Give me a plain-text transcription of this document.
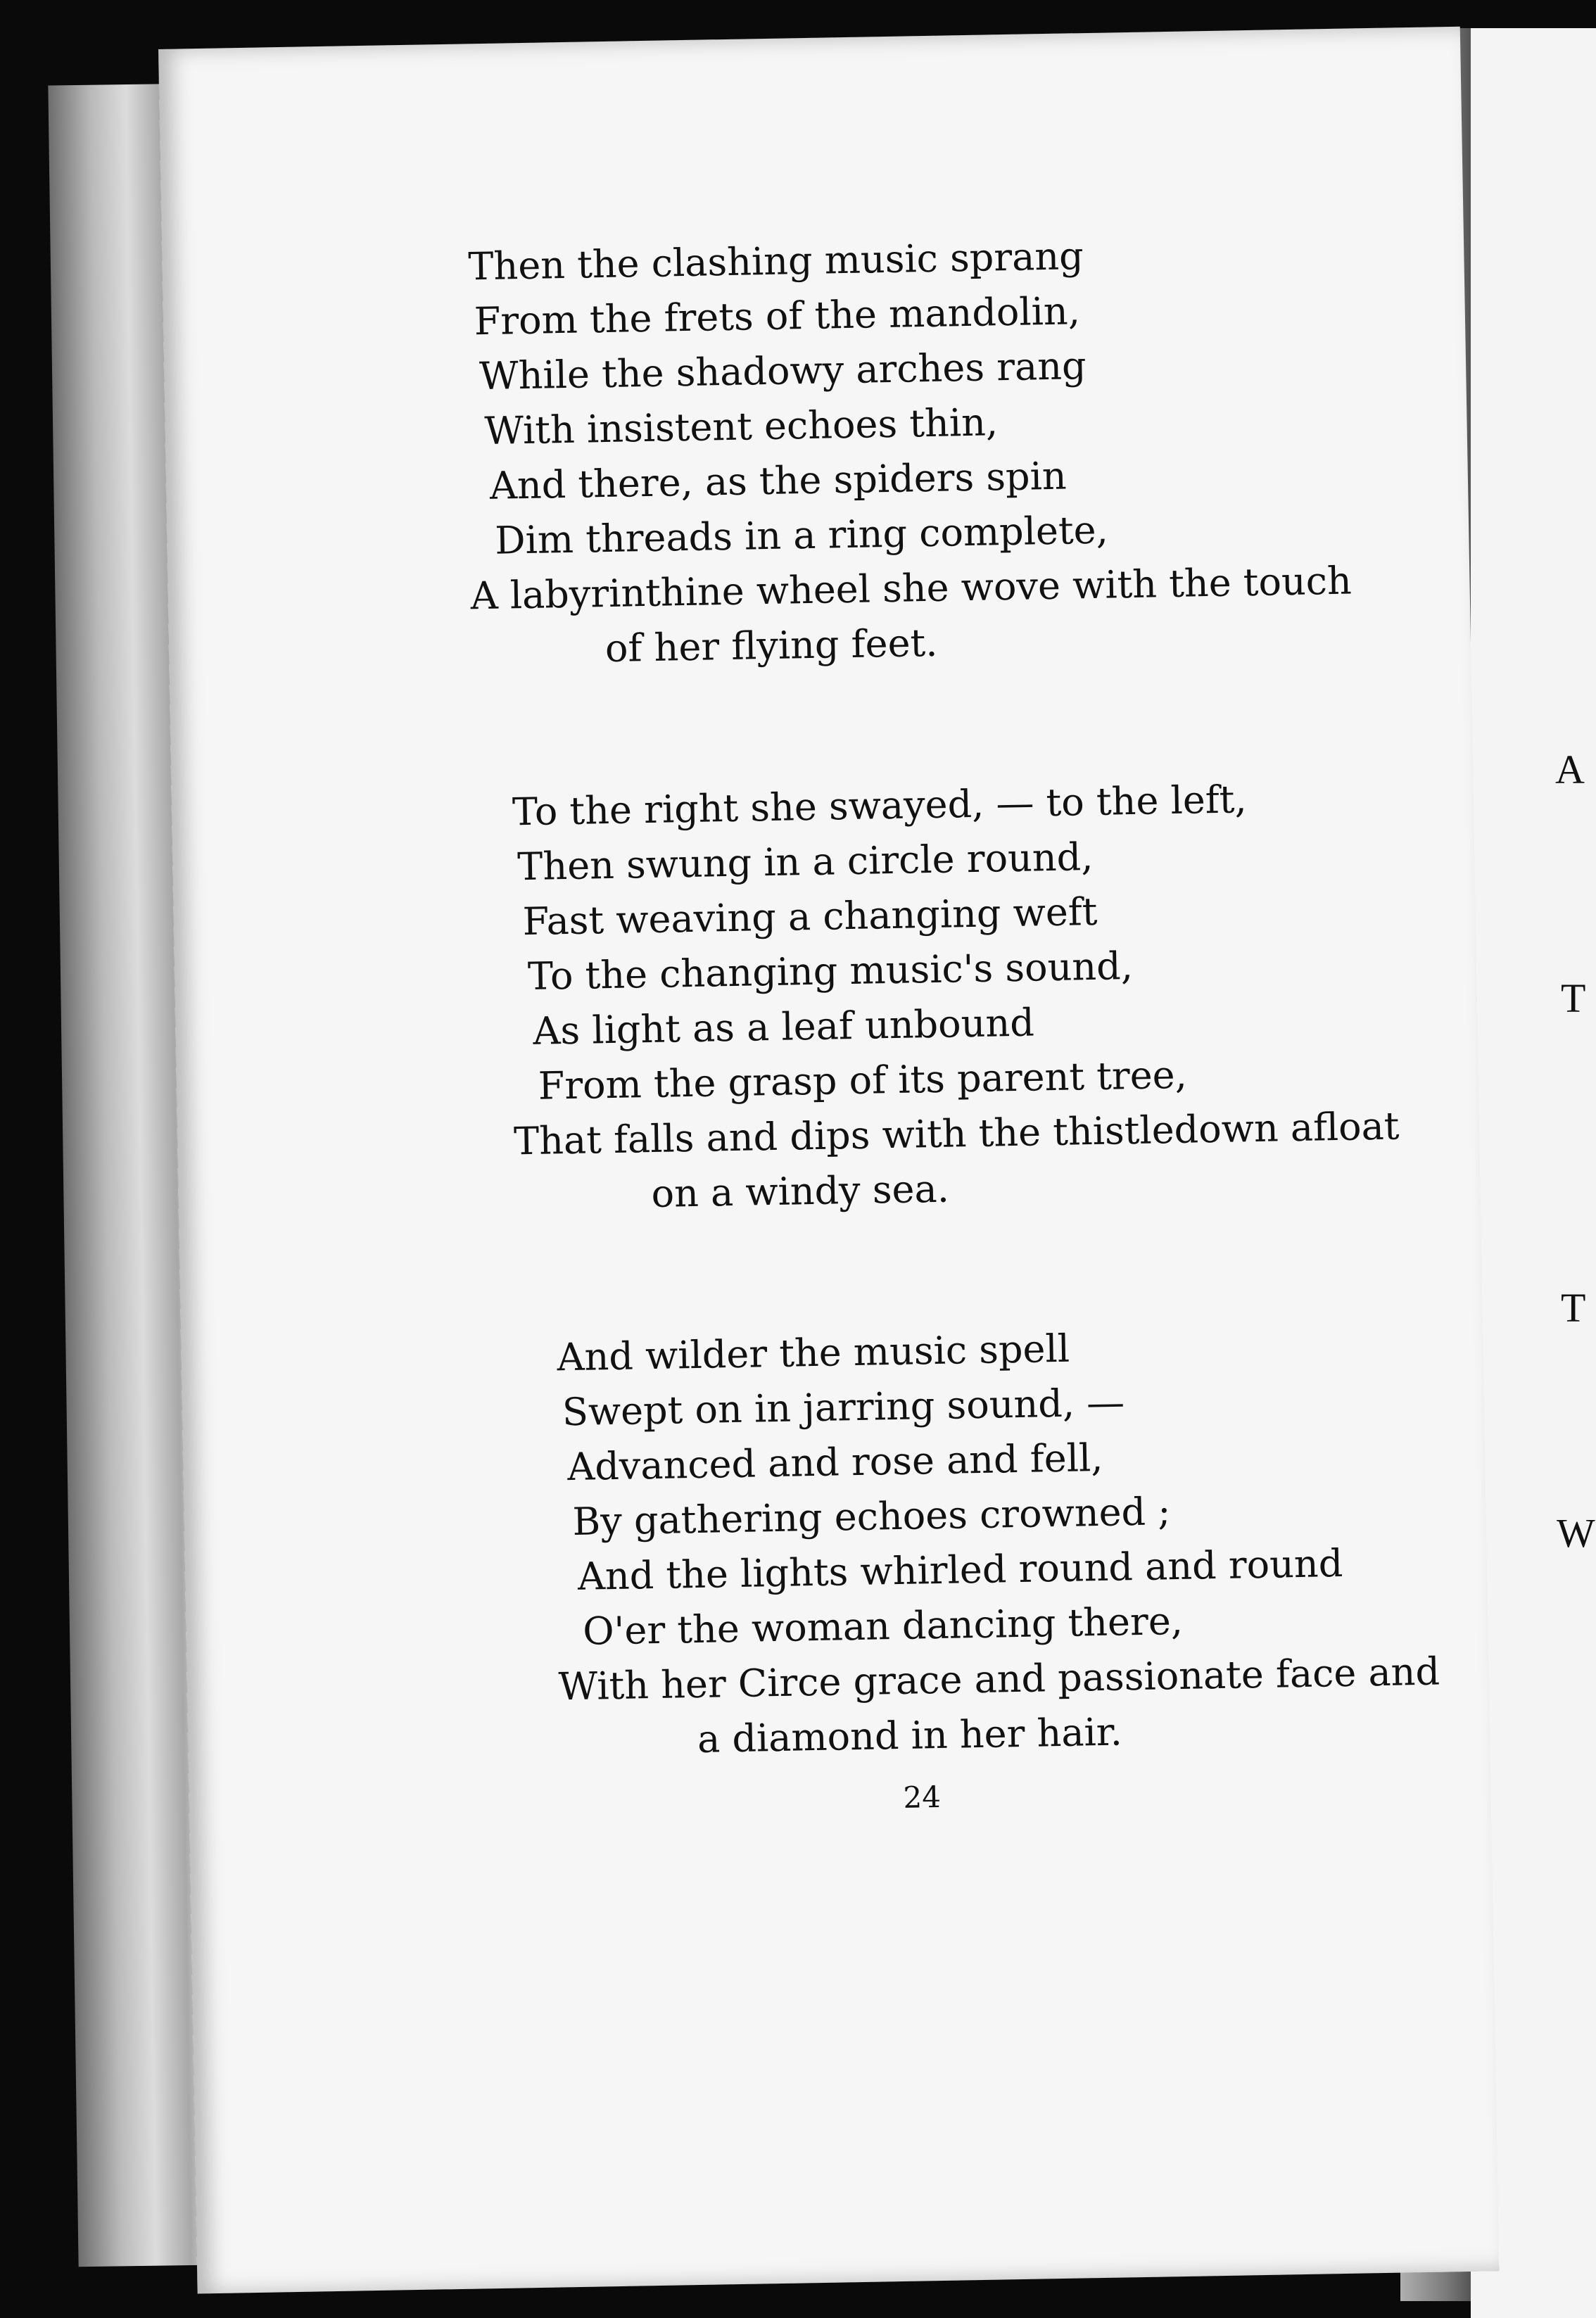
A
T
T
W
Then the clashing music sprang
From the frets of the mandolin,
While the shadowy arches rang
With insistent echoes thin,
And there, as the spiders spin
Dim threads in a ring complete,
A labyrinthine wheel she wove with the touch
of her flying feet.
To the right she swayed, — to the left,
Then swung in a circle round,
Fast weaving a changing weft
To the changing music's sound,
As light as a leaf unbound
From the grasp of its parent tree,
That falls and dips with the thistledown afloat
on a windy sea.
And wilder the music spell
Swept on in jarring sound, —
Advanced and rose and fell,
By gathering echoes crowned ;
And the lights whirled round and round
O'er the woman dancing there,
With her Circe grace and passionate face and
a diamond in her hair.
24
